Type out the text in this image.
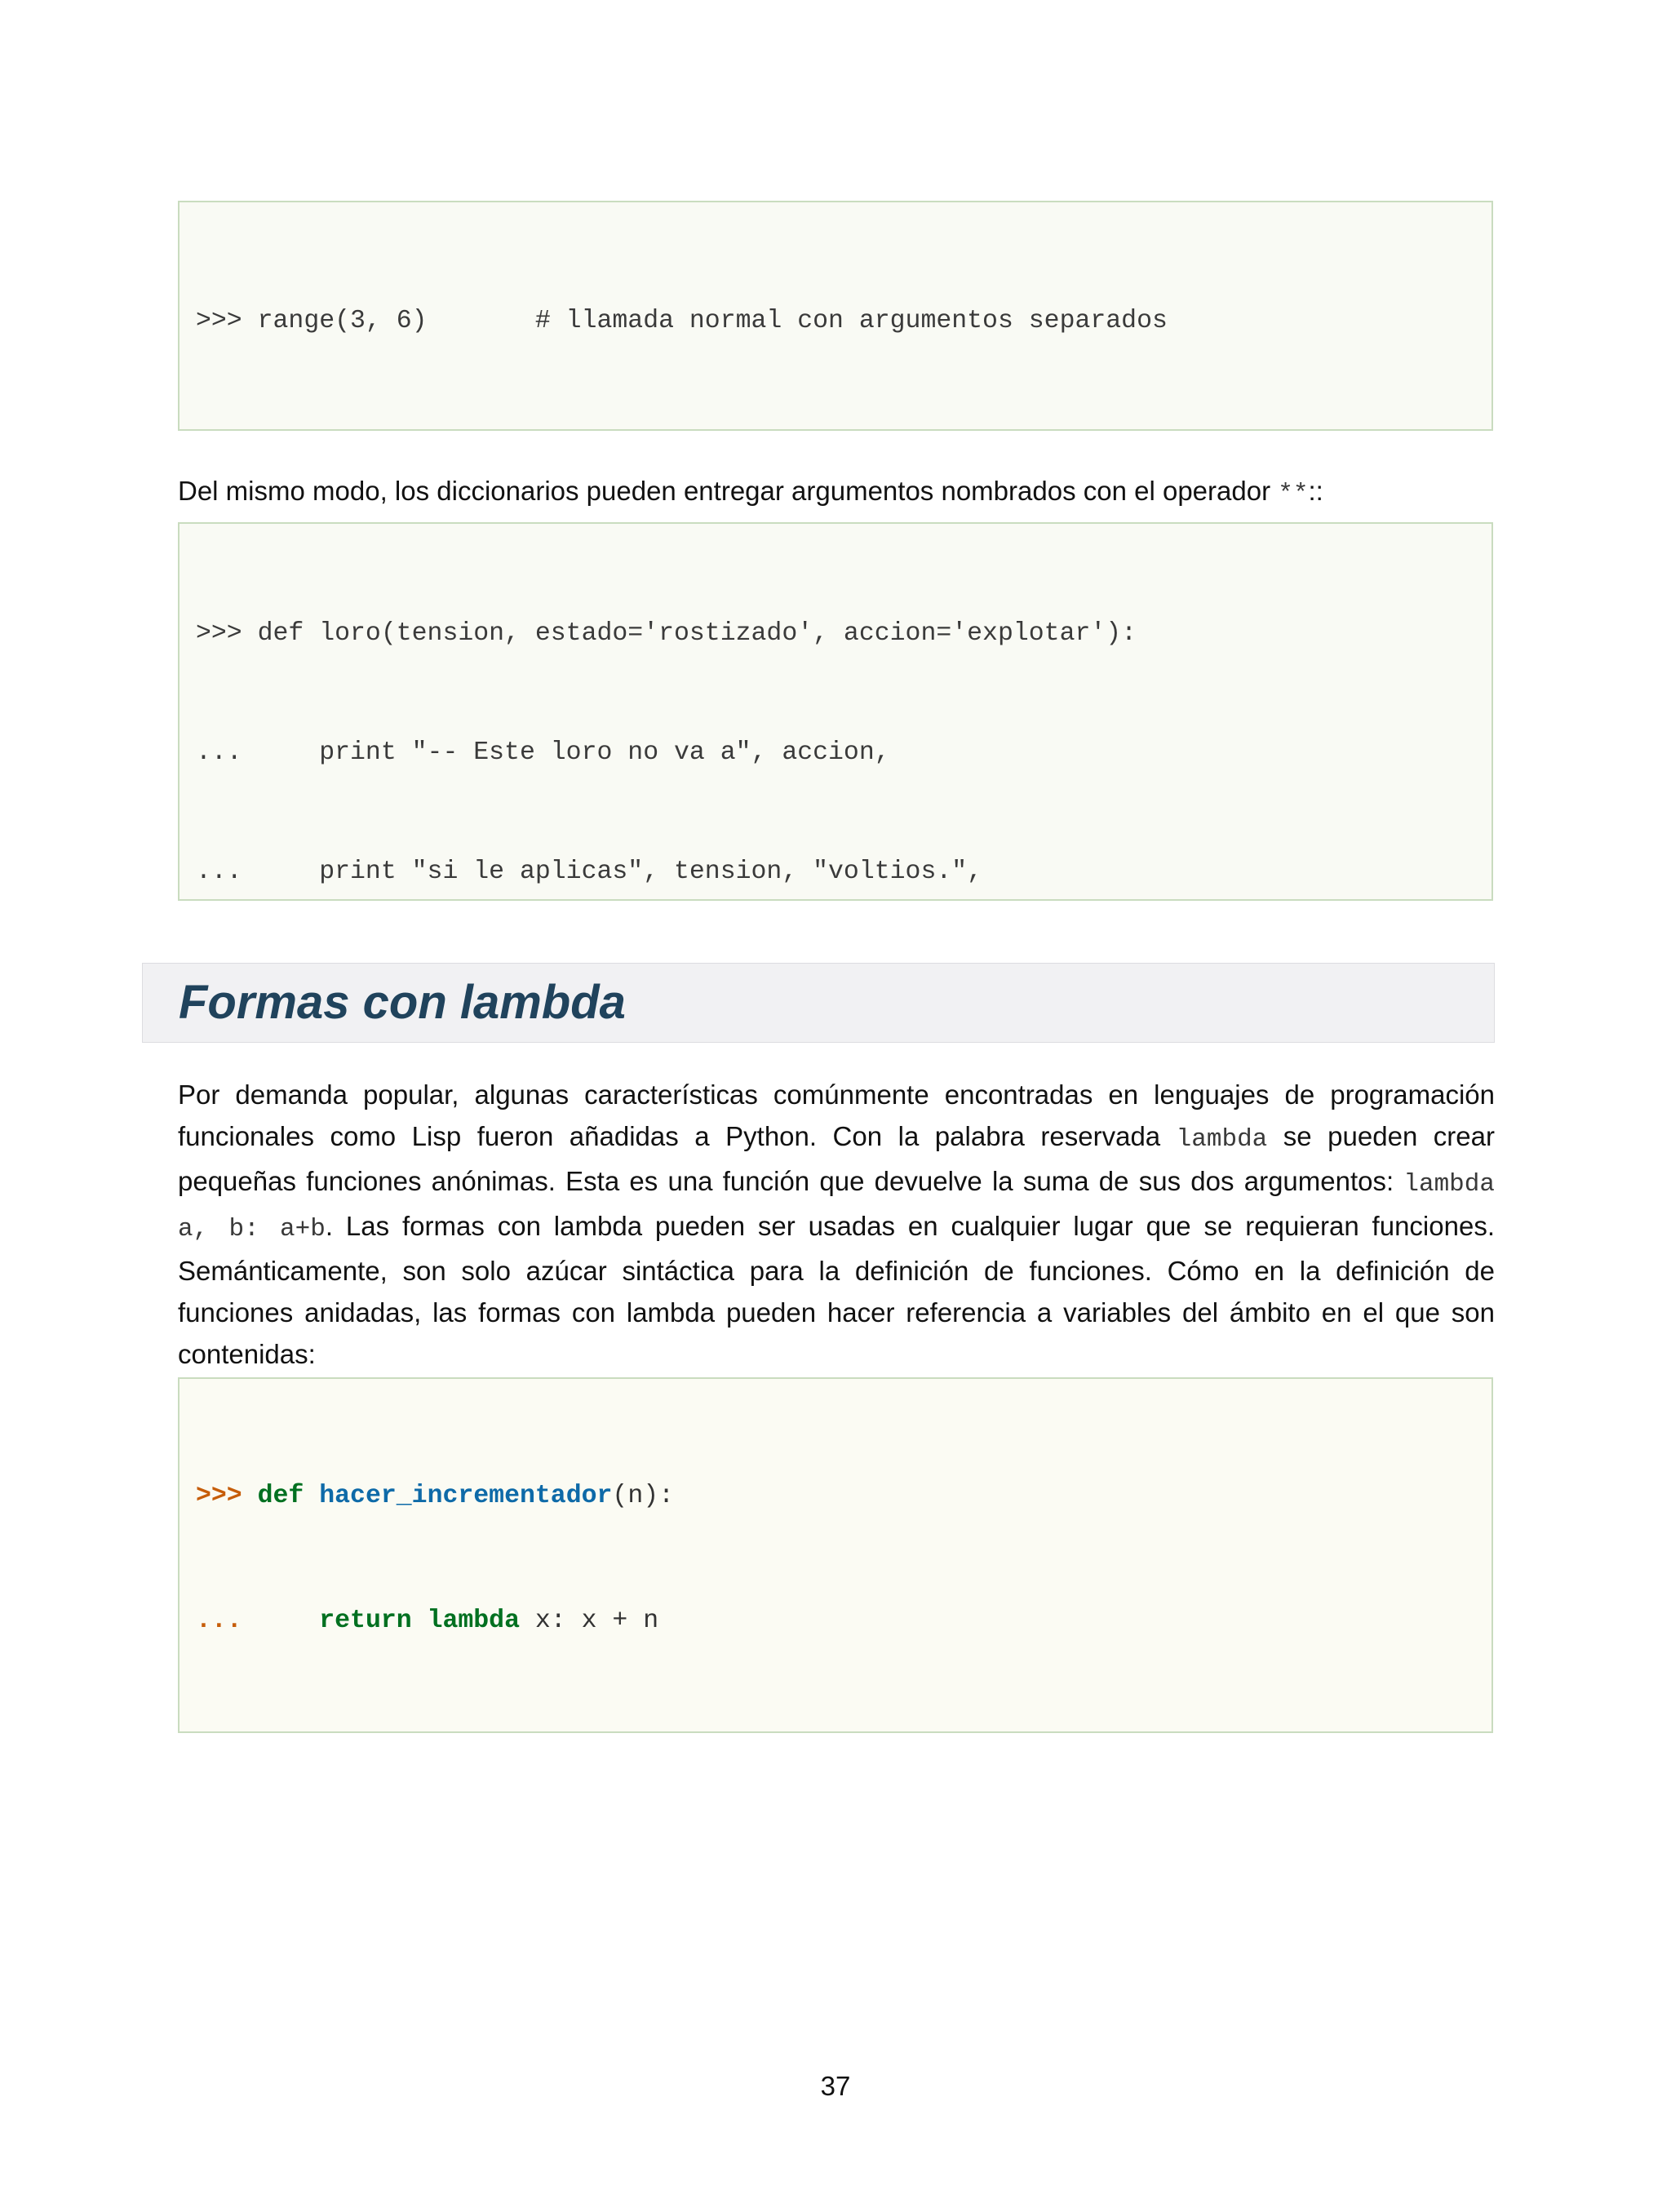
>>> range(3, 6)       # llamada normal con argumentos separados

Del mismo modo, los diccionarios pueden entregar argumentos nombrados con el operador **::

>>> def loro(tension, estado='rostizado', accion='explotar'):

...     print "-- Este loro no va a", accion,

...     print "si le aplicas", tension, "voltios.",

Formas con lambda
Por demanda popular, algunas características comúnmente encontradas en lenguajes de programación funcionales como Lisp fueron añadidas a Python. Con la palabra reservada lambda se pueden crear pequeñas funciones anónimas. Esta es una función que devuelve la suma de sus dos argumentos: lambda a, b: a+b. Las formas con lambda pueden ser usadas en cualquier lugar que se requieran funciones. Semánticamente, son solo azúcar sintáctica para la definición de funciones. Cómo en la definición de funciones anidadas, las formas con lambda pueden hacer referencia a variables del ámbito en el que son contenidas:

>>> def hacer_incrementador(n):

...	return lambda x: x + n

37
